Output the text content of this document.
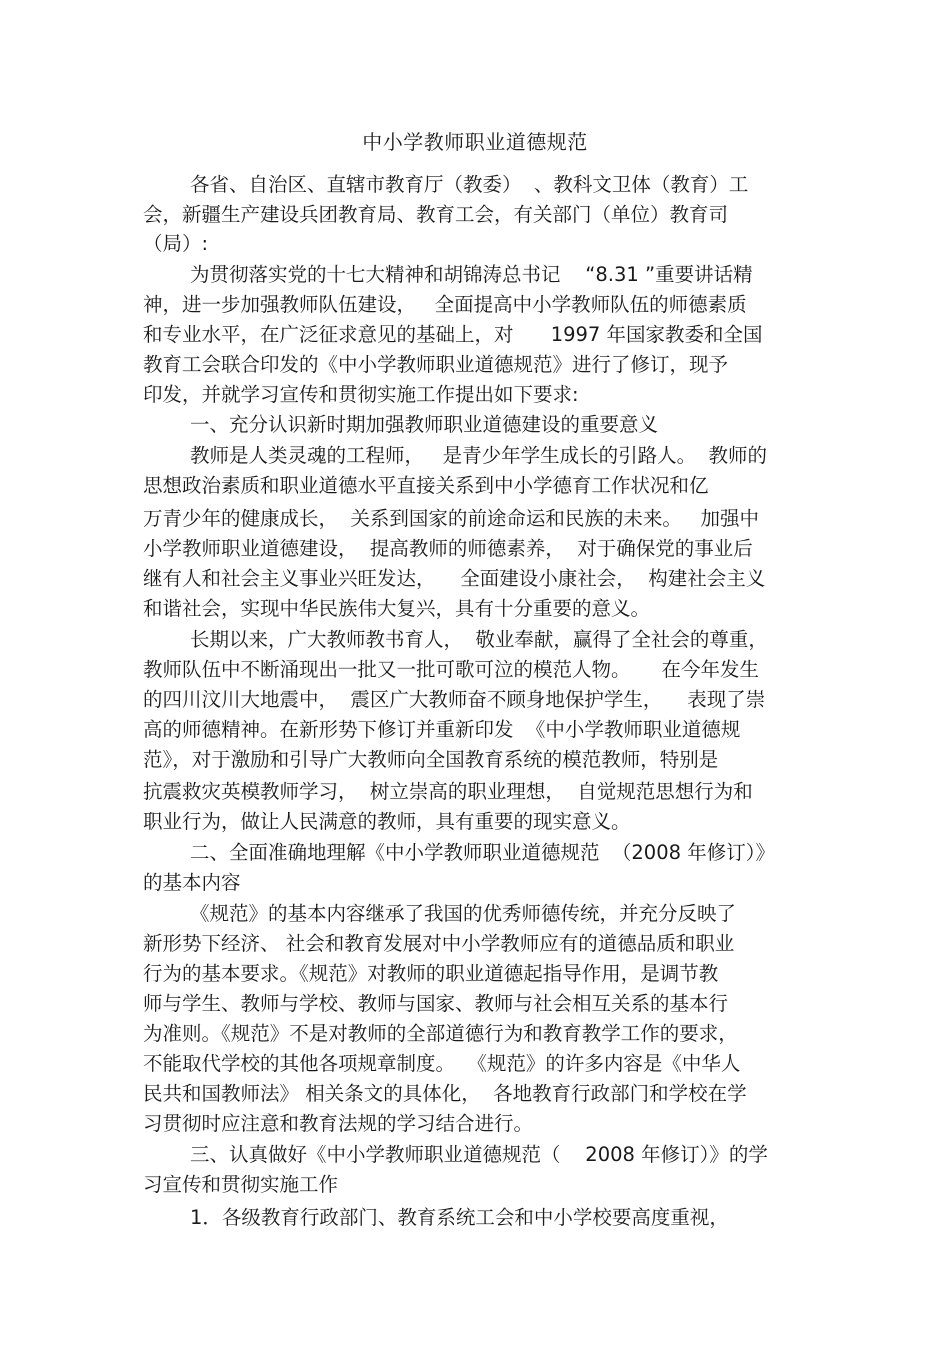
中小学教师职业道德规范
各省、自治区、直辖市教育厅（教委）  、教科文卫体（教育）工
会，新疆生产建设兵团教育局、教育工会，有关部门（单位）教育司
（局）:
为贯彻落实党的十七大精神和胡锦涛总书记    “8.31 ”重要讲话精
神，进一步加强教师队伍建设，   全面提高中小学教师队伍的师德素质
和专业水平，在广泛征求意见的基础上，对      1997 年国家教委和全国
教育工会联合印发的《中小学教师职业道德规范》进行了修订，现予
印发，并就学习宣传和贯彻实施工作提出如下要求:
一、充分认识新时期加强教师职业道德建设的重要意义
教师是人类灵魂的工程师，   是青少年学生成长的引路人。  教师的
思想政治素质和职业道德水平直接关系到中小学德育工作状况和亿
万青少年的健康成长，  关系到国家的前途命运和民族的未来。   加强中
小学教师职业道德建设，  提高教师的师德素养，  对于确保党的事业后
继有人和社会主义事业兴旺发达，    全面建设小康社会，  构建社会主义
和谐社会，实现中华民族伟大复兴，具有十分重要的意义。
长期以来，广大教师教书育人，  敬业奉献，赢得了全社会的尊重，
教师队伍中不断涌现出一批又一批可歌可泣的模范人物。     在今年发生
的四川汶川大地震中，  震区广大教师奋不顾身地保护学生，    表现了崇
高的师德精神。在新形势下修订并重新印发  《中小学教师职业道德规
范》，对于激励和引导广大教师向全国教育系统的模范教师，特别是
抗震救灾英模教师学习，  树立崇高的职业理想，  自觉规范思想行为和
职业行为，做让人民满意的教师，具有重要的现实意义。
二、全面准确地理解《中小学教师职业道德规范  （2008 年修订）》
的基本内容
《规范》的基本内容继承了我国的优秀师德传统，并充分反映了
新形势下经济、 社会和教育发展对中小学教师应有的道德品质和职业
行为的基本要求。《规范》对教师的职业道德起指导作用，是调节教
师与学生、教师与学校、教师与国家、教师与社会相互关系的基本行
为准则。《规范》不是对教师的全部道德行为和教育教学工作的要求，
不能取代学校的其他各项规章制度。  《规范》的许多内容是《中华人
民共和国教师法》 相关条文的具体化，  各地教育行政部门和学校在学
习贯彻时应注意和教育法规的学习结合进行。
三、认真做好《中小学教师职业道德规范（    2008 年修订）》的学
习宣传和贯彻实施工作
1．各级教育行政部门、教育系统工会和中小学校要高度重视，
